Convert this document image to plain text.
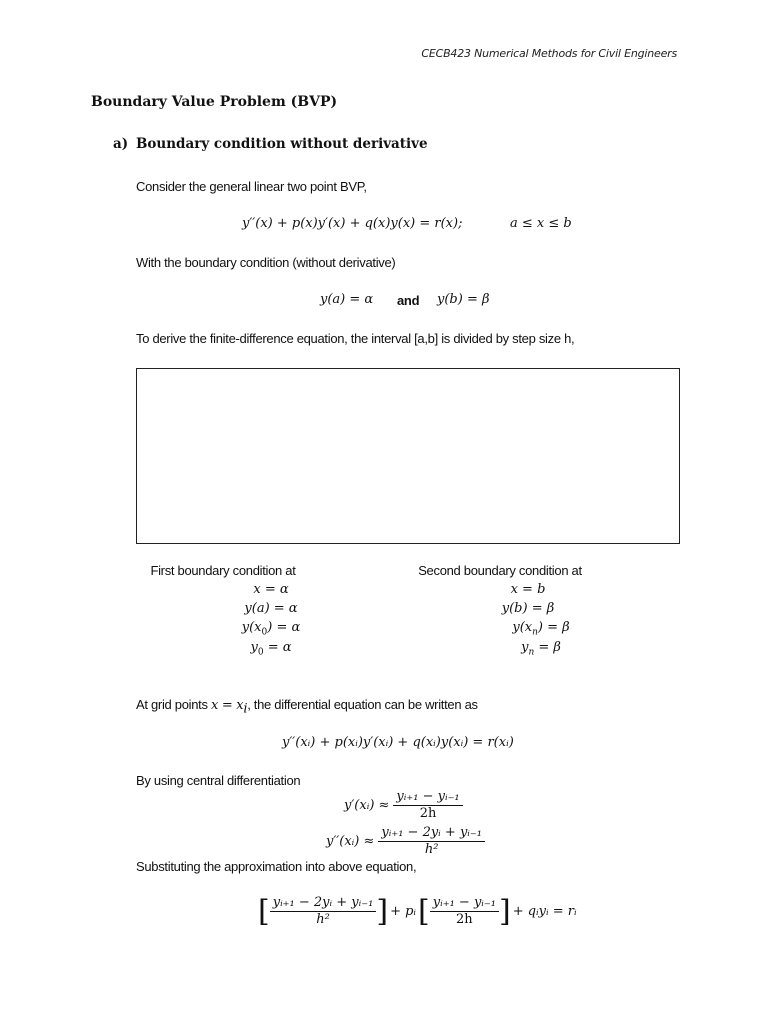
CECB423 Numerical Methods for Civil Engineers
Boundary Value Problem (BVP)
a) Boundary condition without derivative
Consider the general linear two point BVP,
y′′(x) + p(x)y′(x) + q(x)y(x) = r(x);	a ≤ x ≤ b
With the boundary condition (without derivative)
y(a) = α and y(b) = β
To derive the finite-difference equation, the interval [a,b] is divided by step size h,
First boundary condition at
x = α
y(a) = α
$y(x_0) = \alpha$
$y_0 = \alpha$
Second boundary condition at
x = b
y(b) = β
$y(x_n) = \beta$
$y_n = \beta$
At grid points $x = x_i$, the differential equation can be written as
y′′(xᵢ) + p(xᵢ)y′(xᵢ) + q(xᵢ)y(xᵢ) = r(xᵢ)
By using central differentiation
y′(xᵢ) ≈ $\frac{\text{yᵢ₊₁ − yᵢ₋₁}}{2h}$
y′′(xᵢ) ≈ $\frac{\text{yᵢ₊₁ − 2yᵢ + yᵢ₋₁}}{\text{h²}}$
Substituting the approximation into above equation,
[ $\frac{\text{yᵢ₊₁ − 2yᵢ + yᵢ₋₁}}{\text{h²}}$ ] + pᵢ [ $\frac{\text{yᵢ₊₁ − yᵢ₋₁}}{2h}$ ] + qᵢyᵢ = rᵢ
